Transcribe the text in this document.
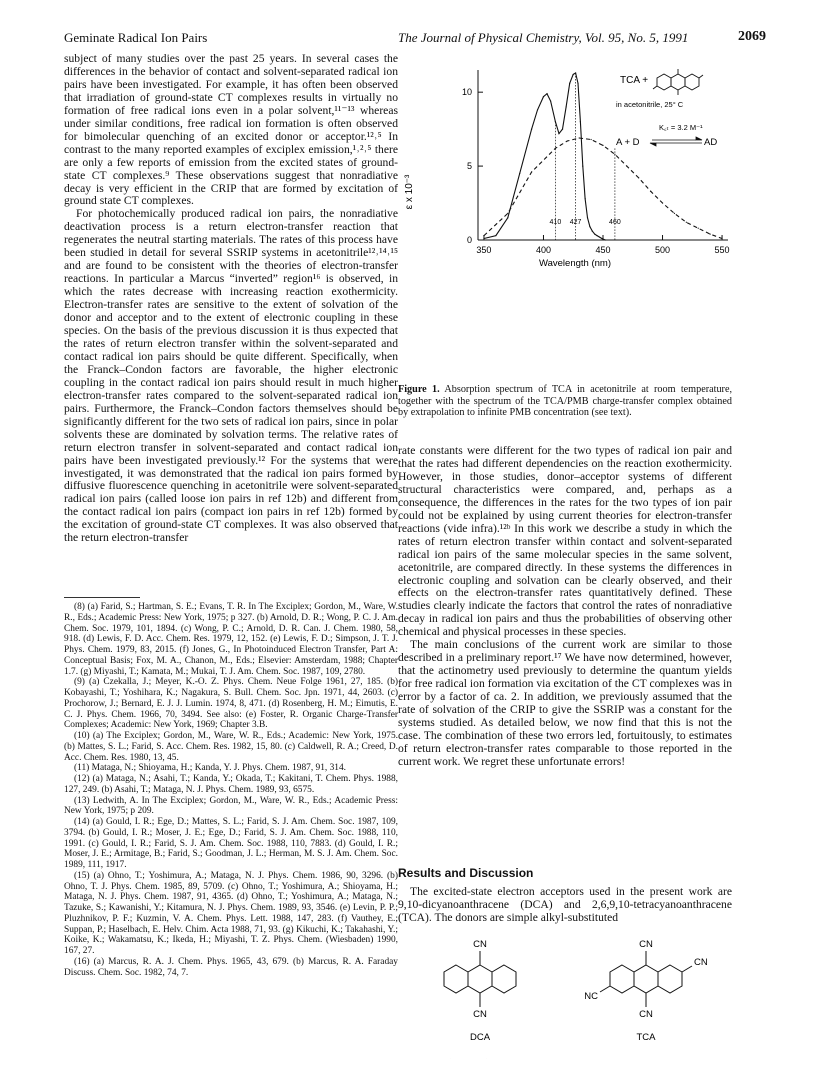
Geminate Radical Ion Pairs	The Journal of Physical Chemistry, Vol. 95, No. 5, 1991	2069

subject of many studies over the past 25 years. In several cases the differences in the behavior of contact and solvent-separated radical ion pairs have been investigated. For example, it has often been observed that irradiation of ground-state CT complexes results in virtually no formation of free radical ions even in a polar solvent,¹¹⁻¹³ whereas under similar conditions, free radical ion formation is often observed for bimolecular quenching of an excited donor or acceptor.¹²˒⁵ In contrast to the many reported examples of exciplex emission,¹˒²˒⁵ there are only a few reports of emission from the excited states of ground-state CT complexes.⁹ These observations suggest that nonradiative decay is very efficient in the CRIP that are formed by excitation of ground state CT complexes.

For photochemically produced radical ion pairs, the nonradiative deactivation process is a return electron-transfer reaction that regenerates the neutral starting materials. The rates of this process have been studied in detail for several SSRIP systems in acetonitrile¹²˒¹⁴˒¹⁵ and are found to be consistent with the theories of electron-transfer reactions. In particular a Marcus “inverted” region¹⁶ is observed, in which the rates decrease with increasing reaction exothermicity. Electron-transfer rates are sensitive to the extent of solvation of the donor and acceptor and to the extent of electronic coupling in these species. On the basis of the previous discussion it is thus expected that the rates of return electron transfer within the solvent-separated and contact radical ion pairs should be quite different. Specifically, when the Franck–Condon factors are favorable, the higher electronic coupling in the contact radical ion pairs should result in much higher electron-transfer rates compared to the solvent-separated radical ion pairs. Furthermore, the Franck–Condon factors themselves should be significantly different for the two sets of radical ion pairs, since in polar solvents these are dominated by solvation terms. The relative rates of return electron transfer in solvent-separated and contact radical ion pairs have been investigated previously.¹² For the systems that were investigated, it was demonstrated that the radical ion pairs formed by diffusive fluorescence quenching in acetonitrile were solvent-separated radical ion pairs (called loose ion pairs in ref 12b) and different from the contact radical ion pairs (compact ion pairs in ref 12b) formed by the excitation of ground-state CT complexes. It was also observed that the return electron-transfer

(8) (a) Farid, S.; Hartman, S. E.; Evans, T. R. In The Exciplex; Gordon, M., Ware, W. R., Eds.; Academic Press: New York, 1975; p 327. (b) Arnold, D. R.; Wong, P. C. J. Am. Chem. Soc. 1979, 101, 1894. (c) Wong, P. C.; Arnold, D. R. Can. J. Chem. 1980, 58, 918. (d) Lewis, F. D. Acc. Chem. Res. 1979, 12, 152. (e) Lewis, F. D.; Simpson, J. T. J. Phys. Chem. 1979, 83, 2015. (f) Jones, G., In Photoinduced Electron Transfer, Part A: Conceptual Basis; Fox, M. A., Chanon, M., Eds.; Elsevier: Amsterdam, 1988; Chapter 1.7. (g) Miyashi, T.; Kamata, M.; Mukai, T. J. Am. Chem. Soc. 1987, 109, 2780.

(9) (a) Czekalla, J.; Meyer, K.-O. Z. Phys. Chem. Neue Folge 1961, 27, 185. (b) Kobayashi, T.; Yoshihara, K.; Nagakura, S. Bull. Chem. Soc. Jpn. 1971, 44, 2603. (c) Prochorow, J.; Bernard, E. J. J. Lumin. 1974, 8, 471. (d) Rosenberg, H. M.; Eimutis, E. C. J. Phys. Chem. 1966, 70, 3494. See also: (e) Foster, R. Organic Charge-Transfer Complexes; Academic: New York, 1969; Chapter 3.B.

(10) (a) The Exciplex; Gordon, M., Ware, W. R., Eds.; Academic: New York, 1975. (b) Mattes, S. L.; Farid, S. Acc. Chem. Res. 1982, 15, 80. (c) Caldwell, R. A.; Creed, D. Acc. Chem. Res. 1980, 13, 45.

(11) Mataga, N.; Shioyama, H.; Kanda, Y. J. Phys. Chem. 1987, 91, 314.

(12) (a) Mataga, N.; Asahi, T.; Kanda, Y.; Okada, T.; Kakitani, T. Chem. Phys. 1988, 127, 249. (b) Asahi, T.; Mataga, N. J. Phys. Chem. 1989, 93, 6575.

(13) Ledwith, A. In The Exciplex; Gordon, M., Ware, W. R., Eds.; Academic Press: New York, 1975; p 209.

(14) (a) Gould, I. R.; Ege, D.; Mattes, S. L.; Farid, S. J. Am. Chem. Soc. 1987, 109, 3794. (b) Gould, I. R.; Moser, J. E.; Ege, D.; Farid, S. J. Am. Chem. Soc. 1988, 110, 1991. (c) Gould, I. R.; Farid, S. J. Am. Chem. Soc. 1988, 110, 7883. (d) Gould, I. R.; Moser, J. E.; Armitage, B.; Farid, S.; Goodman, J. L.; Herman, M. S. J. Am. Chem. Soc. 1989, 111, 1917.

(15) (a) Ohno, T.; Yoshimura, A.; Mataga, N. J. Phys. Chem. 1986, 90, 3296. (b) Ohno, T. J. Phys. Chem. 1985, 89, 5709. (c) Ohno, T.; Yoshimura, A.; Shioyama, H.; Mataga, N. J. Phys. Chem. 1987, 91, 4365. (d) Ohno, T.; Yoshimura, A.; Mataga, N.; Tazuke, S.; Kawanishi, Y.; Kitamura, N. J. Phys. Chem. 1989, 93, 3546. (e) Levin, P. P.; Pluzhnikov, P. F.; Kuzmin, V. A. Chem. Phys. Lett. 1988, 147, 283. (f) Vauthey, E.; Suppan, P.; Haselbach, E. Helv. Chim. Acta 1988, 71, 93. (g) Kikuchi, K.; Takahashi, Y.; Koike, K.; Wakamatsu, K.; Ikeda, H.; Miyashi, T. Z. Phys. Chem. (Wiesbaden) 1990, 167, 27.

(16) (a) Marcus, R. A. J. Chem. Phys. 1965, 43, 679. (b) Marcus, R. A. Faraday Discuss. Chem. Soc. 1982, 74, 7.

350	400	450	500	550
0
5
10
410 427	460
ε x 10⁻³
Wavelength (nm)
TCA +
in acetonitrile, 25° C
K꜀ₜ = 3.2 M⁻¹
A + D	AD
Figure 1. Absorption spectrum of TCA in acetonitrile at room temperature, together with the spectrum of the TCA/PMB charge-transfer complex obtained by extrapolation to infinite PMB concentration (see text).

rate constants were different for the two types of radical ion pair and that the rates had different dependencies on the reaction exothermicity. However, in those studies, donor–acceptor systems of different structural characteristics were compared, and, perhaps as a consequence, the differences in the rates for the two types of ion pair could not be explained by using current theories for electron-transfer reactions (vide infra).¹²ᵇ In this work we describe a study in which the rates of return electron transfer within contact and solvent-separated radical ion pairs of the same molecular species in the same solvent, acetonitrile, are compared directly. In these systems the differences in electronic coupling and solvation can be clearly observed, and their effects on the electron-transfer rates quantitatively defined. These studies clearly indicate the factors that control the rates of nonradiative decay in radical ion pairs and thus the probabilities of observing other chemical and physical processes in these species.

The main conclusions of the current work are similar to those described in a preliminary report.¹⁷ We have now determined, however, that the actinometry used previously to determine the quantum yields for free radical ion formation via excitation of the CT complexes was in error by a factor of ca. 2. In addition, we previously assumed that the rate of solvation of the CRIP to give the SSRIP was a constant for the systems studied. As detailed below, we now find that this is not the case. The combination of these two errors led, fortuitously, to estimates of return electron-transfer rates comparable to those reported in the current work. We regret these unfortunate errors!

Results and Discussion

The excited-state electron acceptors used in the present work are 9,10-dicyanoanthracene (DCA) and 2,6,9,10-tetracyanoanthracene (TCA). The donors are simple alkyl-substituted

CN
CN
DCA
CN
CN
NC
CN
TCA
